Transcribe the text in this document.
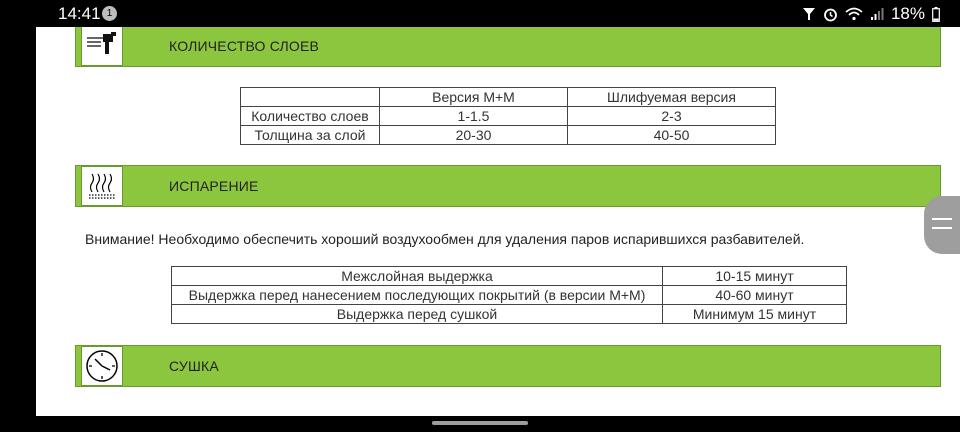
14:41 1	18%
КОЛИЧЕСТВО СЛОЕВ
	Версия М+М	Шлифуемая версия
Количество слоев	1-1.5	2-3
Толщина за слой	20-30	40-50
ИСПАРЕНИЕ
Внимание! Необходимо обеспечить хороший воздухообмен для удаления паров испарившихся разбавителей.
Межслойная выдержка	10-15 минут
Выдержка перед нанесением последующих покрытий (в версии М+М)	40-60 минут
Выдержка перед сушкой	Минимум 15 минут
СУШКА
